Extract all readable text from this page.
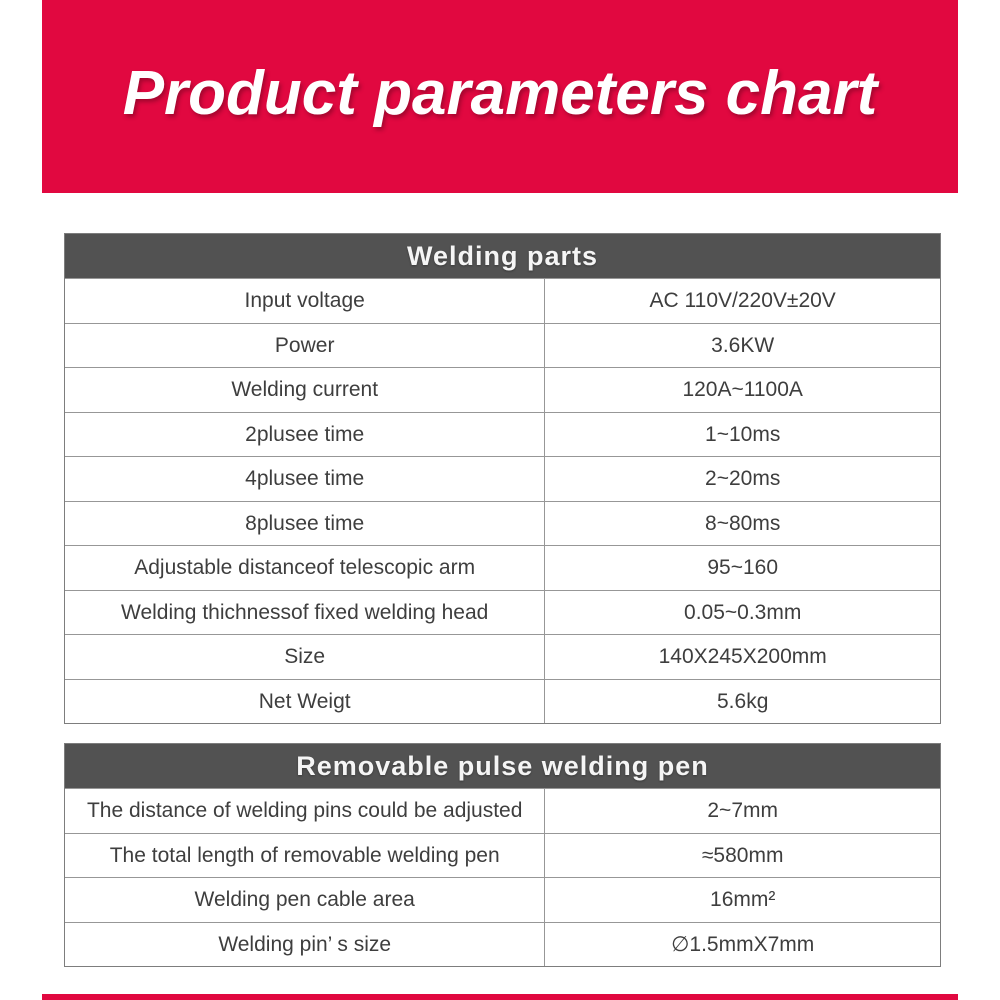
Product parameters chart
Welding parts
Input voltage	AC 110V/220V±20V
Power	3.6KW
Welding current	120A~1100A
2plusee time	1~10ms
4plusee time	2~20ms
8plusee time	8~80ms
Adjustable distanceof telescopic arm	95~160
Welding thichnessof fixed welding head	0.05~0.3mm
Size	140X245X200mm
Net Weigt	5.6kg
Removable pulse welding pen
The distance of welding pins could be adjusted	2~7mm
The total length of removable welding pen	≈580mm
Welding pen cable area	16mm²
Welding pin’ s size	∅1.5mmX7mm
